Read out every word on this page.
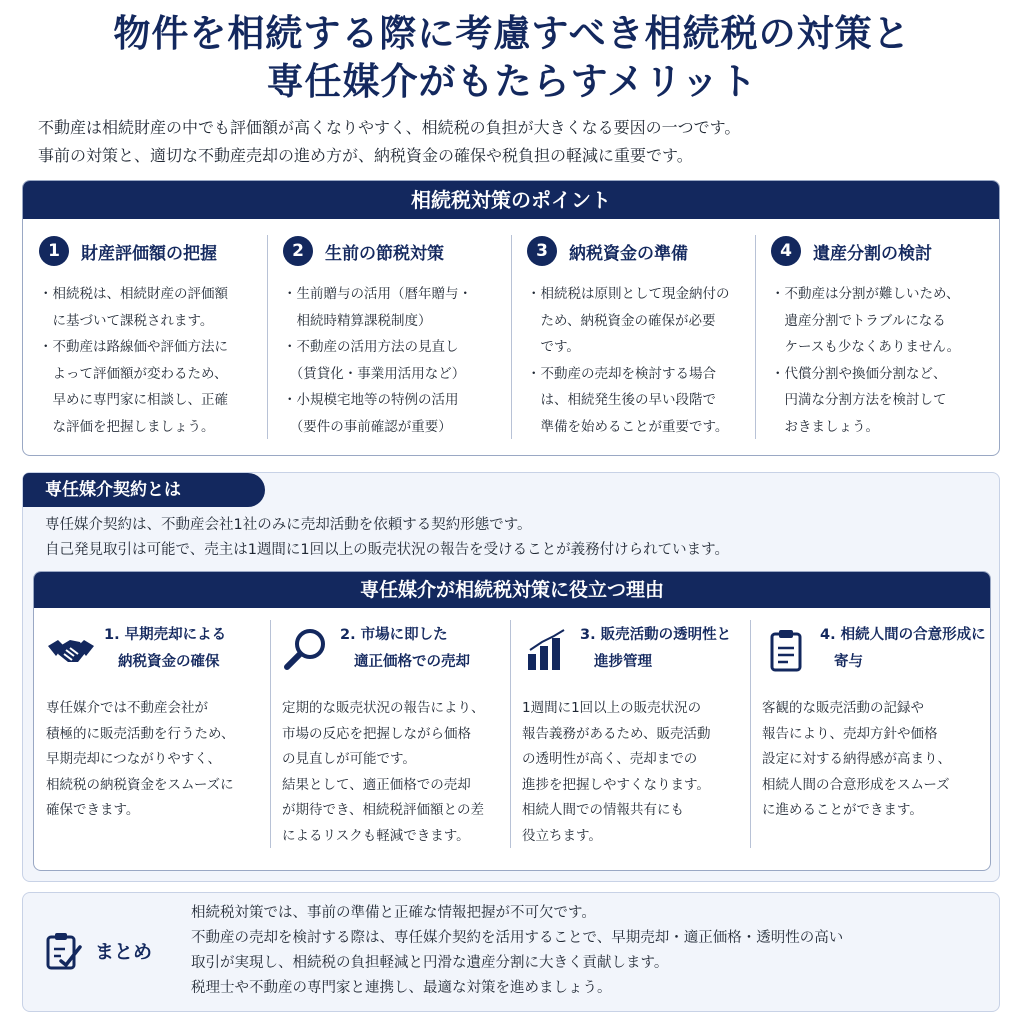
物件を相続する際に考慮すべき相続税の対策と
専任媒介がもたらすメリット
不動産は相続財産の中でも評価額が高くなりやすく、相続税の負担が大きくなる要因の一つです。
事前の対策と、適切な不動産売却の進め方が、納税資金の確保や税負担の軽減に重要です。
相続税対策のポイント
1	財産評価額の把握
・相続税は、相続財産の評価額
　に基づいて課税されます。
・不動産は路線価や評価方法に
　よって評価額が変わるため、
　早めに専門家に相談し、正確
　な評価を把握しましょう。
2	生前の節税対策
・生前贈与の活用（暦年贈与・
　相続時精算課税制度）
・不動産の活用方法の見直し
　（賃貸化・事業用活用など）
・小規模宅地等の特例の活用
　（要件の事前確認が重要）
3	納税資金の準備
・相続税は原則として現金納付の
　ため、納税資金の確保が必要
　です。
・不動産の売却を検討する場合
　は、相続発生後の早い段階で
　準備を始めることが重要です。
4	遺産分割の検討
・不動産は分割が難しいため、
　遺産分割でトラブルになる
　ケースも少なくありません。
・代償分割や換価分割など、
　円満な分割方法を検討して
　おきましょう。
専任媒介契約とは
専任媒介契約は、不動産会社1社のみに売却活動を依頼する契約形態です。
自己発見取引は可能で、売主は1週間に1回以上の販売状況の報告を受けることが義務付けられています。
専任媒介が相続税対策に役立つ理由
1. 早期売却による
納税資金の確保
専任媒介では不動産会社が
積極的に販売活動を行うため、
早期売却につながりやすく、
相続税の納税資金をスムーズに
確保できます。
2. 市場に即した
適正価格での売却
定期的な販売状況の報告により、
市場の反応を把握しながら価格
の見直しが可能です。
結果として、適正価格での売却
が期待でき、相続税評価額との差
によるリスクも軽減できます。
3. 販売活動の透明性と
進捗管理
1週間に1回以上の販売状況の
報告義務があるため、販売活動
の透明性が高く、売却までの
進捗を把握しやすくなります。
相続人間での情報共有にも
役立ちます。
4. 相続人間の合意形成に
寄与
客観的な販売活動の記録や
報告により、売却方針や価格
設定に対する納得感が高まり、
相続人間の合意形成をスムーズ
に進めることができます。
まとめ
相続税対策では、事前の準備と正確な情報把握が不可欠です。
不動産の売却を検討する際は、専任媒介契約を活用することで、早期売却・適正価格・透明性の高い
取引が実現し、相続税の負担軽減と円滑な遺産分割に大きく貢献します。
税理士や不動産の専門家と連携し、最適な対策を進めましょう。
